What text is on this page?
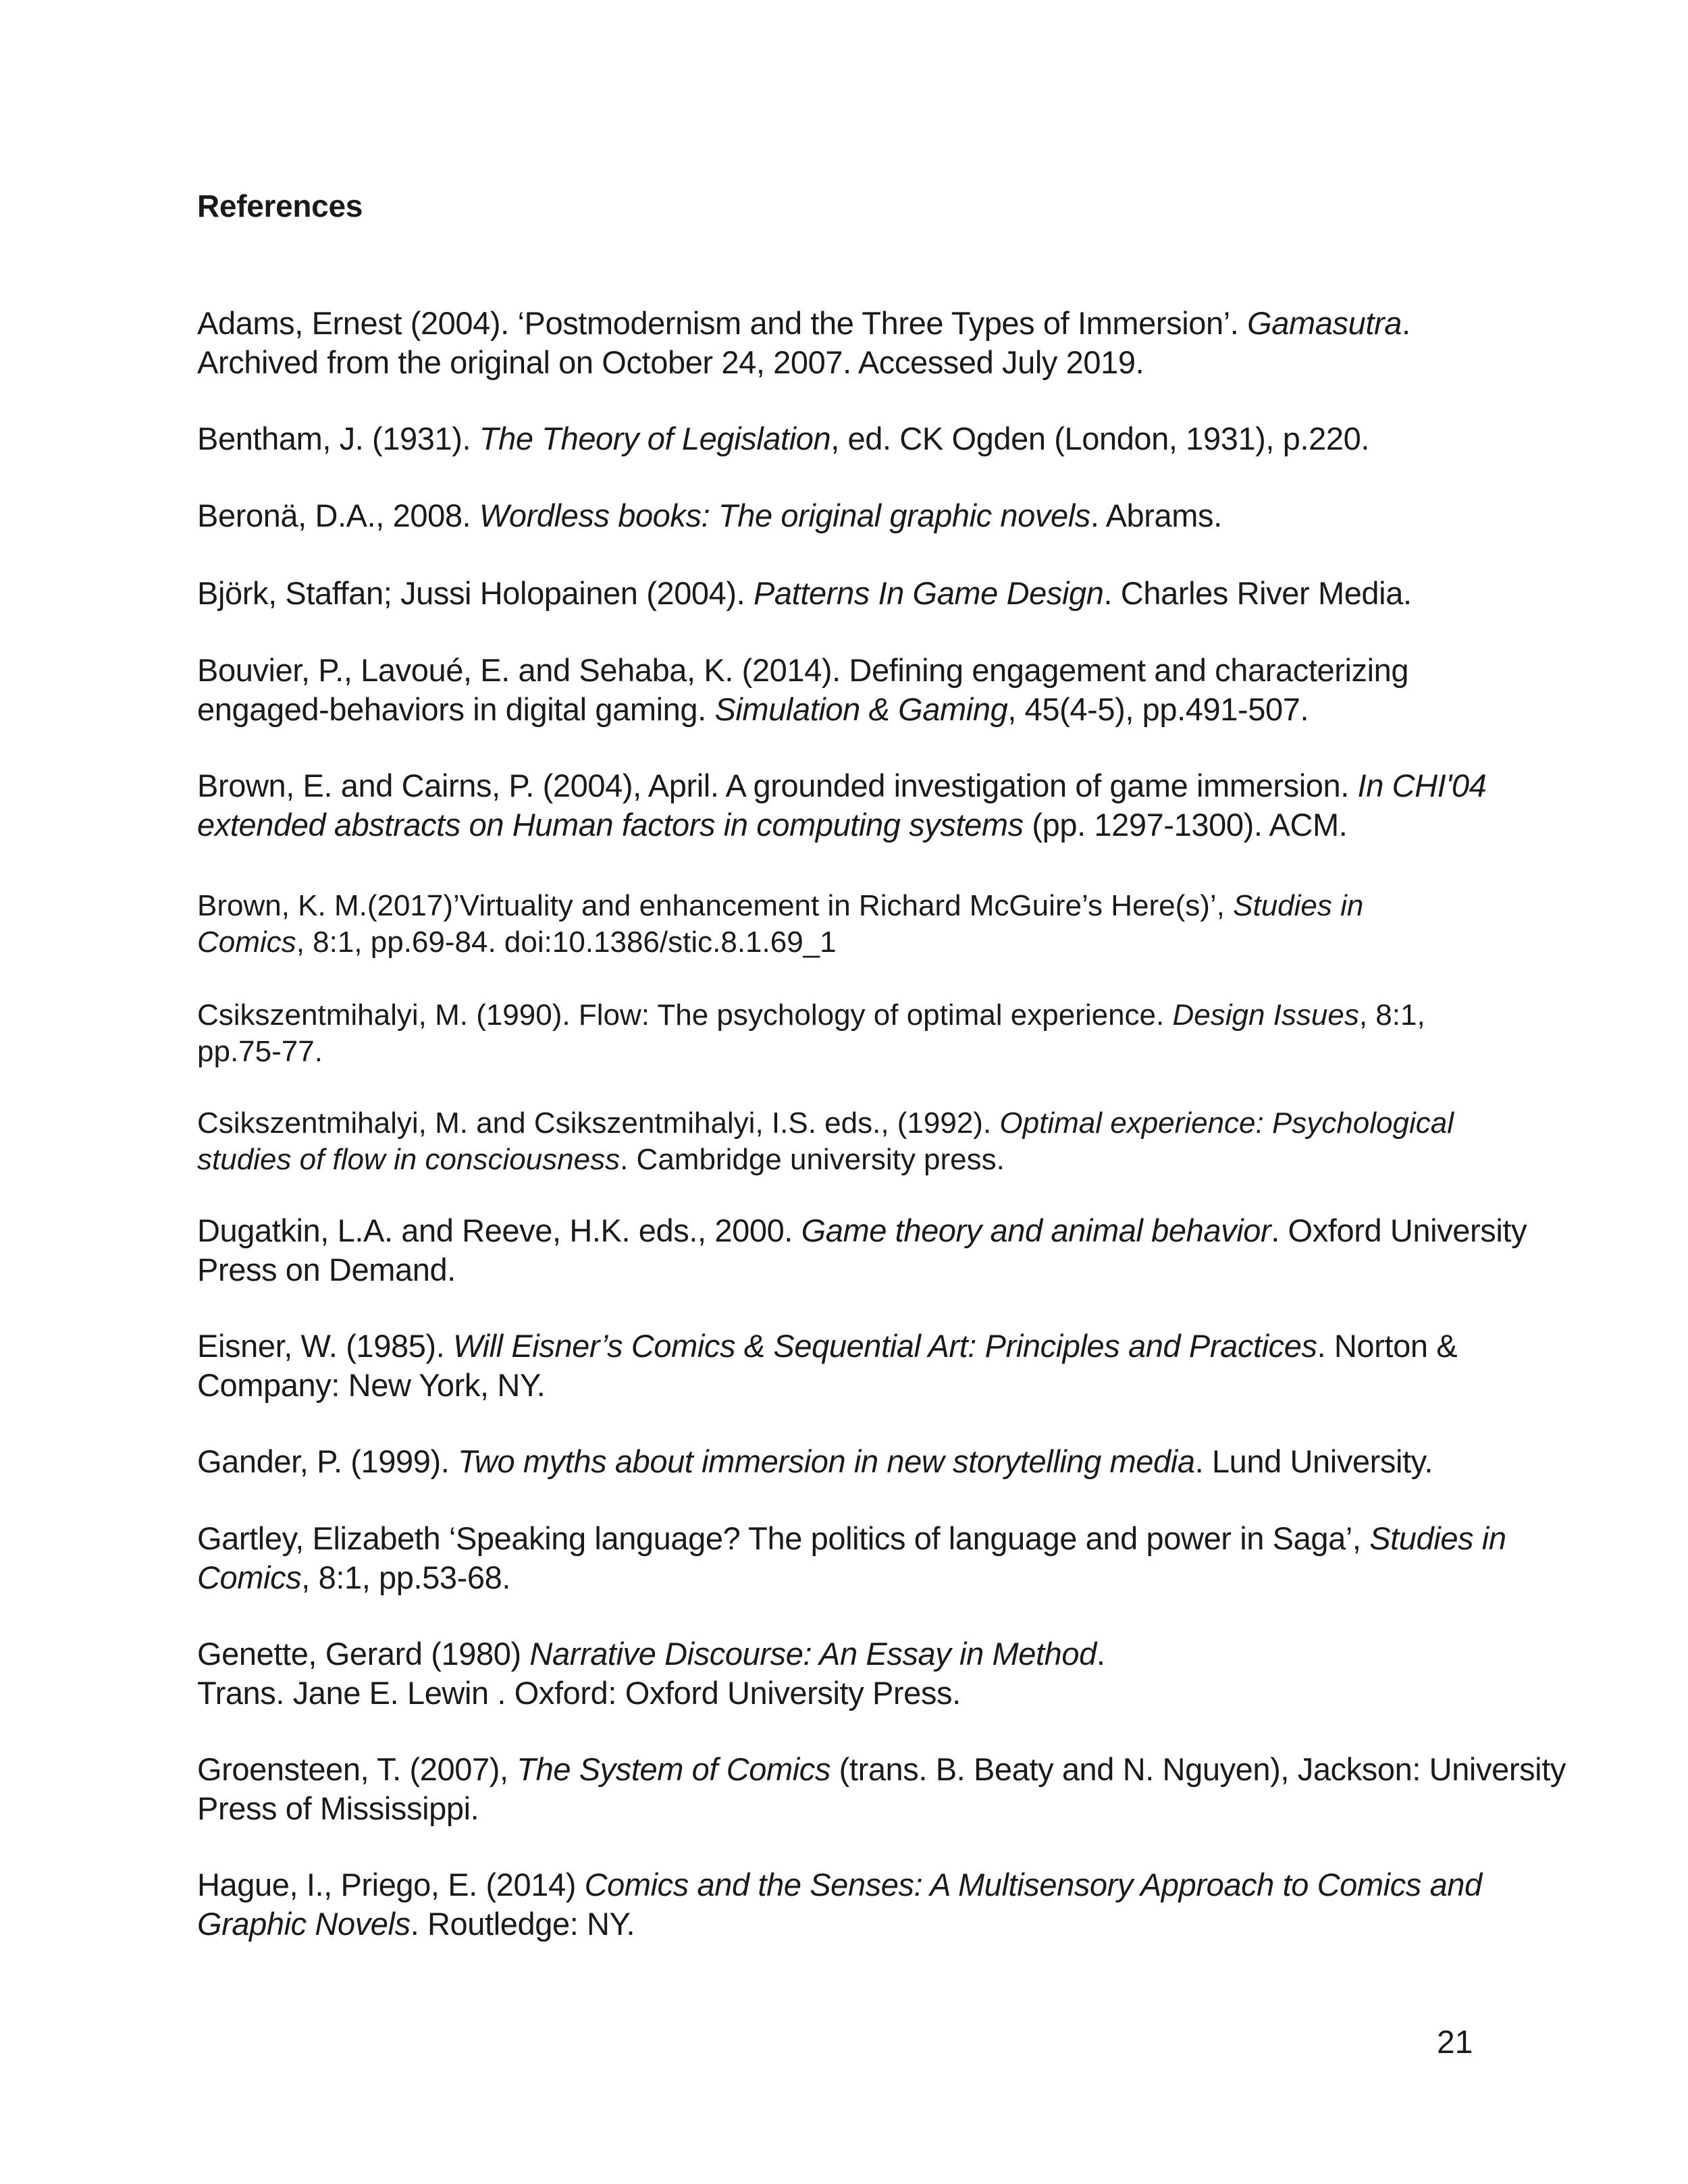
References
Adams, Ernest (2004). ‘Postmodernism and the Three Types of Immersion’. Gamasutra.
Archived from the original on October 24, 2007. Accessed July 2019.
Bentham, J. (1931). The Theory of Legislation, ed. CK Ogden (London, 1931), p.220.
Beronä, D.A., 2008. Wordless books: The original graphic novels. Abrams.
Björk, Staffan; Jussi Holopainen (2004). Patterns In Game Design. Charles River Media.
Bouvier, P., Lavoué, E. and Sehaba, K. (2014). Defining engagement and characterizing
engaged-behaviors in digital gaming. Simulation & Gaming, 45(4-5), pp.491-507.
Brown, E. and Cairns, P. (2004), April. A grounded investigation of game immersion. In CHI'04
extended abstracts on Human factors in computing systems (pp. 1297-1300). ACM.
Brown, K. M.(2017)’Virtuality and enhancement in Richard McGuire’s Here(s)’, Studies in
Comics, 8:1, pp.69-84. doi:10.1386/stic.8.1.69_1
Csikszentmihalyi, M. (1990). Flow: The psychology of optimal experience. Design Issues, 8:1,
pp.75-77.
Csikszentmihalyi, M. and Csikszentmihalyi, I.S. eds., (1992). Optimal experience: Psychological
studies of flow in consciousness. Cambridge university press.
Dugatkin, L.A. and Reeve, H.K. eds., 2000. Game theory and animal behavior. Oxford University
Press on Demand.
Eisner, W. (1985). Will Eisner’s Comics & Sequential Art: Principles and Practices. Norton &
Company: New York, NY.
Gander, P. (1999). Two myths about immersion in new storytelling media. Lund University.
Gartley, Elizabeth ‘Speaking language? The politics of language and power in Saga’, Studies in
Comics, 8:1, pp.53-68.
Genette, Gerard (1980) Narrative Discourse: An Essay in Method.
Trans. Jane E. Lewin . Oxford: Oxford University Press.
Groensteen, T. (2007), The System of Comics (trans. B. Beaty and N. Nguyen), Jackson: University
Press of Mississippi.
Hague, I., Priego, E. (2014) Comics and the Senses: A Multisensory Approach to Comics and
Graphic Novels. Routledge: NY.
21
